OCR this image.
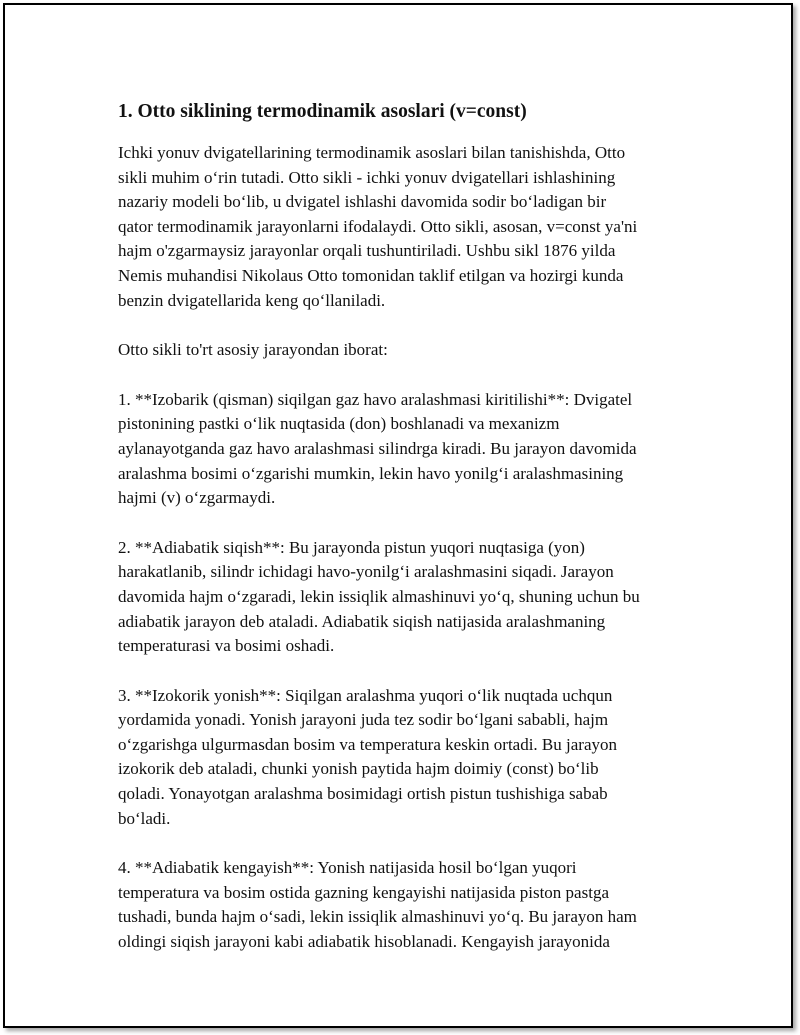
1. Otto siklining termodinamik asoslari (v=const)

Ichki yonuv dvigatellarining termodinamik asoslari bilan tanishishda, Otto
sikli muhim oʻrin tutadi. Otto sikli - ichki yonuv dvigatellari ishlashining
nazariy modeli boʻlib, u dvigatel ishlashi davomida sodir boʻladigan bir
qator termodinamik jarayonlarni ifodalaydi. Otto sikli, asosan, v=const ya'ni
hajm o'zgarmaysiz jarayonlar orqali tushuntiriladi. Ushbu sikl 1876 yilda
Nemis muhandisi Nikolaus Otto tomonidan taklif etilgan va hozirgi kunda
benzin dvigatellarida keng qoʻllaniladi.

Otto sikli to'rt asosiy jarayondan iborat:

1. **Izobarik (qisman) siqilgan gaz havo aralashmasi kiritilishi**: Dvigatel
pistonining pastki oʻlik nuqtasida (don) boshlanadi va mexanizm
aylanayotganda gaz havo aralashmasi silindrga kiradi. Bu jarayon davomida
aralashma bosimi oʻzgarishi mumkin, lekin havo yonilgʻi aralashmasining
hajmi (v) oʻzgarmaydi.

2. **Adiabatik siqish**: Bu jarayonda pistun yuqori nuqtasiga (yon)
harakatlanib, silindr ichidagi havo-yonilgʻi aralashmasini siqadi. Jarayon
davomida hajm oʻzgaradi, lekin issiqlik almashinuvi yoʻq, shuning uchun bu
adiabatik jarayon deb ataladi. Adiabatik siqish natijasida aralashmaning
temperaturasi va bosimi oshadi.

3. **Izokorik yonish**: Siqilgan aralashma yuqori oʻlik nuqtada uchqun
yordamida yonadi. Yonish jarayoni juda tez sodir boʻlgani sababli, hajm
oʻzgarishga ulgurmasdan bosim va temperatura keskin ortadi. Bu jarayon
izokorik deb ataladi, chunki yonish paytida hajm doimiy (const) boʻlib
qoladi. Yonayotgan aralashma bosimidagi ortish pistun tushishiga sabab
boʻladi.

4. **Adiabatik kengayish**: Yonish natijasida hosil boʻlgan yuqori
temperatura va bosim ostida gazning kengayishi natijasida piston pastga
tushadi, bunda hajm oʻsadi, lekin issiqlik almashinuvi yoʻq. Bu jarayon ham
oldingi siqish jarayoni kabi adiabatik hisoblanadi. Kengayish jarayonida
